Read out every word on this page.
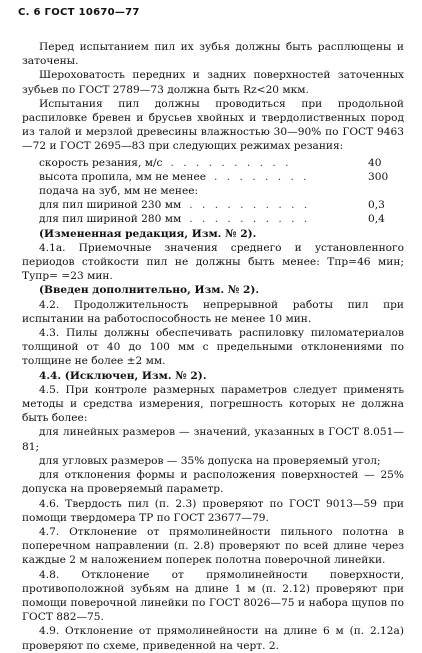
С. 6 ГОСТ 10670—77

Перед испытанием пил их зубья должны быть расплющены и заточены.

Шероховатость передних и задних поверхностей заточенных зубьев по ГОСТ 2789—73 должна быть Rz<20 мкм.

Испытания пил должны проводиться при продольной распиловке бревен и брусьев хвойных и твердолиственных пород из талой и мерзлой древесины влажностью 30—90% по ГОСТ 9463—72 и ГОСТ 2695—83 при следующих режимах резания:

скорость резания, м/с . . . . . . . . . .	40
высота пропила, мм не менее . . . . . . . .	300
подача на зуб, мм не менее:
для пил шириной 230 мм . . . . . . . . . .	0,3
для пил шириной 280 мм . . . . . . . . . .	0,4

(Измененная редакция, Изм. № 2).

4.1а. Приемочные значения среднего и установленного периодов стойкости пил не должны быть менее: Тпр=46 мин; Тупр= =23 мин.

(Введен дополнительно, Изм. № 2).

4.2. Продолжительность непрерывной работы пил при испытании на работоспособность не менее 10 мин.

4.3. Пилы должны обеспечивать распиловку пиломатериалов толщиной от 40 до 100 мм с предельными отклонениями по толщине не более ±2 мм.

4.4. (Исключен, Изм. № 2).

4.5. При контроле размерных параметров следует применять методы и средства измерения, погрешность которых не должна быть более:

для линейных размеров — значений, указанных в ГОСТ 8.051—81;

для угловых размеров — 35% допуска на проверяемый угол;

для отклонения формы и расположения поверхностей — 25% допуска на проверяемый параметр.

4.6. Твердость пил (п. 2.3) проверяют по ГОСТ 9013—59 при помощи твердомера ТР по ГОСТ 23677—79.

4.7. Отклонение от прямолинейности пильного полотна в поперечном направлении (п. 2.8) проверяют по всей длине через каждые 2 м наложением поперек полотна поверочной линейки.

4.8. Отклонение от прямолинейности поверхности, противоположной зубьям на длине 1 м (п. 2.12) проверяют при помощи поверочной линейки по ГОСТ 8026—75 и набора щупов по ГОСТ 882—75.

4.9. Отклонение от прямолинейности на длине 6 м (п. 2.12а) проверяют по схеме, приведенной на черт. 2.
